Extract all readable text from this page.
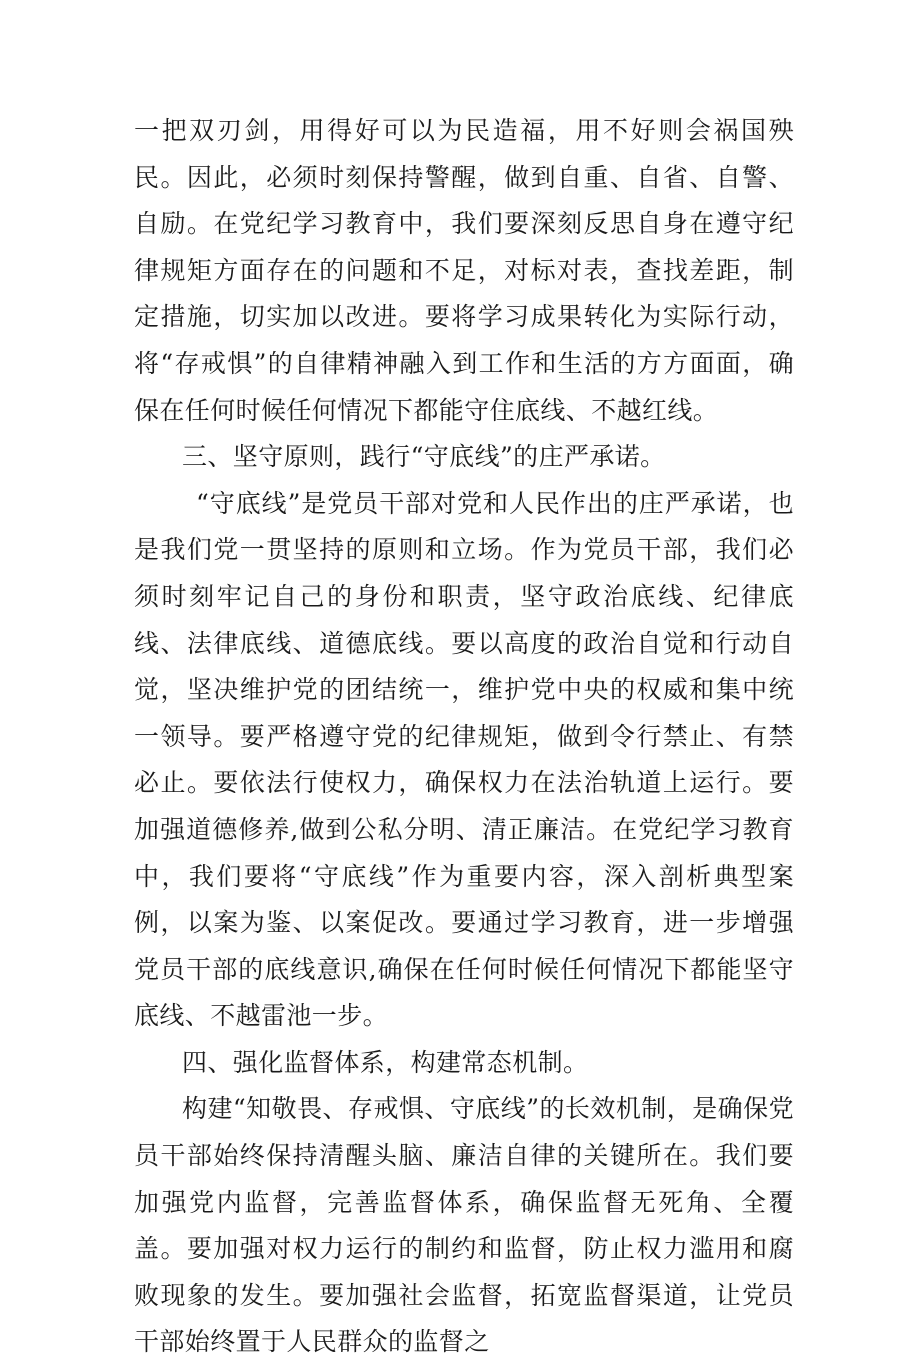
一把双刃剑，用得好可以为民造福，用不好则会祸国殃民。因此，必须时刻保持警醒，做到自重、自省、自警、自励。在党纪学习教育中，我们要深刻反思自身在遵守纪律规矩方面存在的问题和不足，对标对表，查找差距，制定措施，切实加以改进。要将学习成果转化为实际行动，将“存戒惧”的自律精神融入到工作和生活的方方面面，确保在任何时候任何情况下都能守住底线、不越红线。

三、坚守原则，践行“守底线”的庄严承诺。

“守底线”是党员干部对党和人民作出的庄严承诺，也是我们党一贯坚持的原则和立场。作为党员干部，我们必须时刻牢记自己的身份和职责，坚守政治底线、纪律底线、法律底线、道德底线。要以高度的政治自觉和行动自觉，坚决维护党的团结统一，维护党中央的权威和集中统一领导。要严格遵守党的纪律规矩，做到令行禁止、有禁必止。要依法行使权力，确保权力在法治轨道上运行。要加强道德修养,做到公私分明、清正廉洁。在党纪学习教育中，我们要将“守底线”作为重要内容，深入剖析典型案例，以案为鉴、以案促改。要通过学习教育，进一步增强党员干部的底线意识,确保在任何时候任何情况下都能坚守底线、不越雷池一步。

四、强化监督体系，构建常态机制。

构建“知敬畏、存戒惧、守底线”的长效机制，是确保党员干部始终保持清醒头脑、廉洁自律的关键所在。我们要加强党内监督，完善监督体系，确保监督无死角、全覆盖。要加强对权力运行的制约和监督，防止权力滥用和腐败现象的发生。要加强社会监督，拓宽监督渠道，让党员干部始终置于人民群众的监督之
